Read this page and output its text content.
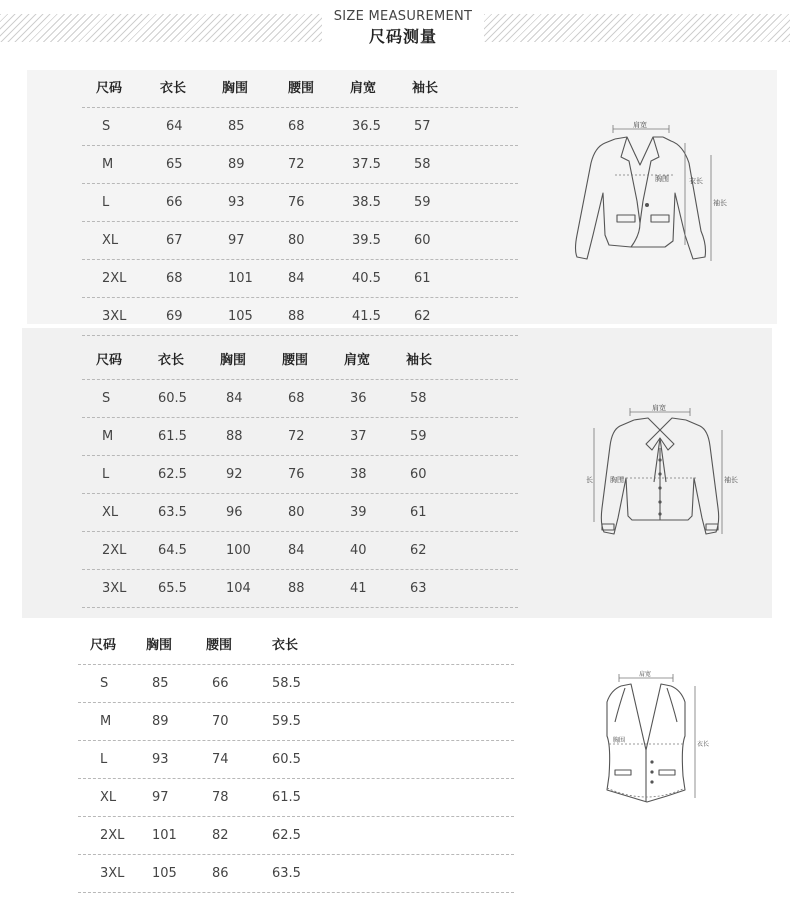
SIZE MEASUREMENT
尺码测量
尺码	衣长	胸围	腰围	肩宽	袖长
S	64	85	68	36.5	57
M	65	89	72	37.5	58
L	66	93	76	38.5	59
XL	67	97	80	39.5	60
2XL	68	101	84	40.5	61
3XL	69	105	88	41.5	62
尺码	衣长	胸围	腰围	肩宽	袖长
S	60.5	84	68	36	58
M	61.5	88	72	37	59
L	62.5	92	76	38	60
XL	63.5	96	80	39	61
2XL 64.5	100	84	40	62
3XL 65.5	104	88	41	63
尺码 胸围	腰围	衣长
S	85	66	58.5
M	89	70	59.5
L	93	74	60.5
XL	97	78	61.5
2XL 101	82	62.5
3XL 105	86	63.5
肩宽
胸围	衣长
袖长
肩宽
胸围
长	袖长
肩宽
胸围
衣长
